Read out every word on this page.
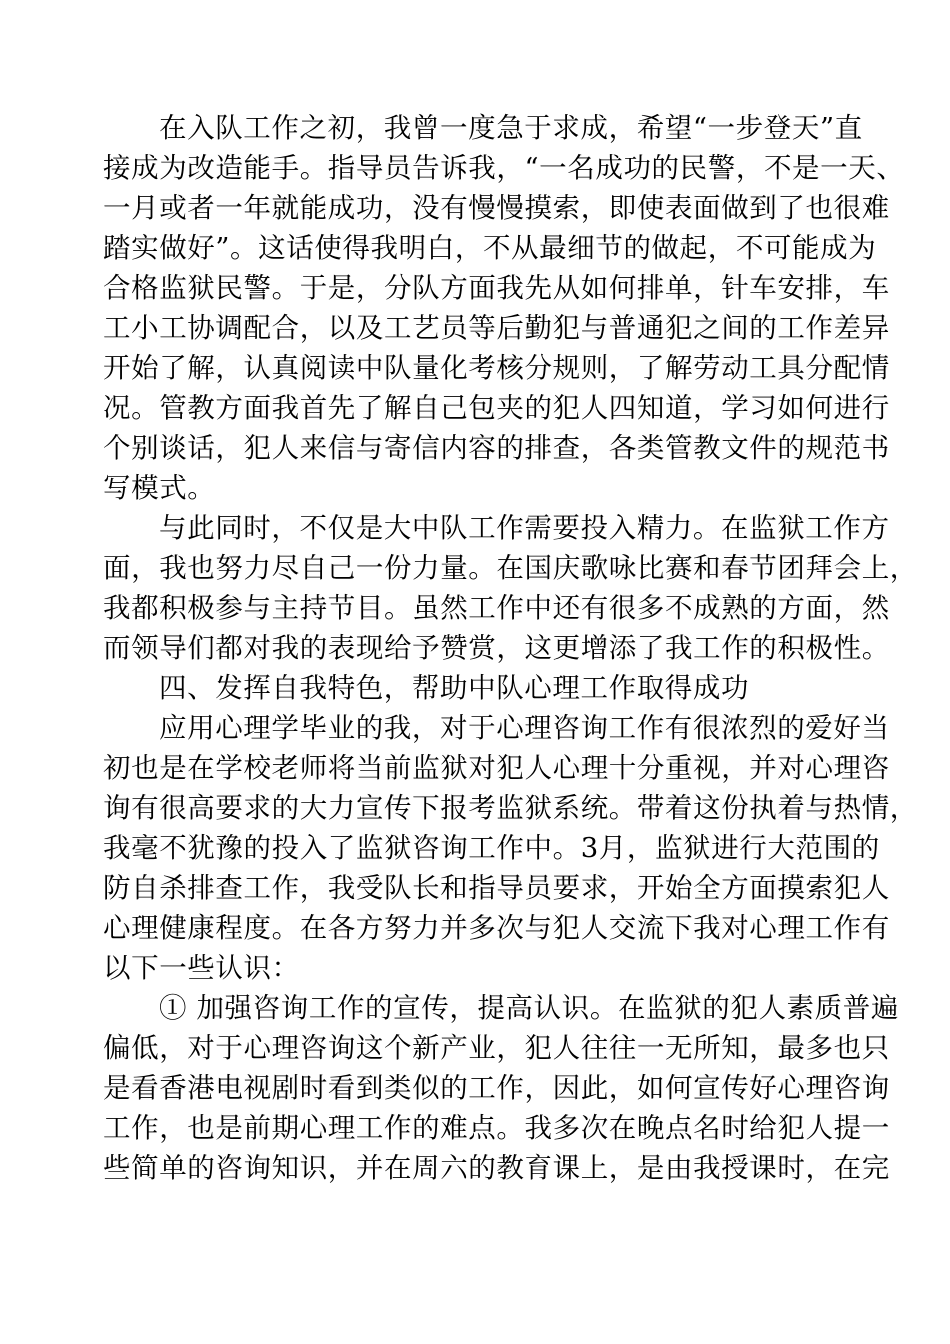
在入队工作之初，我曾一度急于求成，希望“一步登天”直
接成为改造能手。指导员告诉我，“一名成功的民警，不是一天、
一月或者一年就能成功，没有慢慢摸索，即使表面做到了也很难
踏实做好”。这话使得我明白，不从最细节的做起，不可能成为
合格监狱民警。于是，分队方面我先从如何排单，针车安排，车
工小工协调配合，以及工艺员等后勤犯与普通犯之间的工作差异
开始了解，认真阅读中队量化考核分规则，了解劳动工具分配情
况。管教方面我首先了解自己包夹的犯人四知道，学习如何进行
个别谈话，犯人来信与寄信内容的排查，各类管教文件的规范书
写模式。
与此同时，不仅是大中队工作需要投入精力。在监狱工作方
面，我也努力尽自己一份力量。在国庆歌咏比赛和春节团拜会上，
我都积极参与主持节目。虽然工作中还有很多不成熟的方面，然
而领导们都对我的表现给予赞赏，这更增添了我工作的积极性。
四、发挥自我特色，帮助中队心理工作取得成功
应用心理学毕业的我，对于心理咨询工作有很浓烈的爱好当
初也是在学校老师将当前监狱对犯人心理十分重视，并对心理咨
询有很高要求的大力宣传下报考监狱系统。带着这份执着与热情，
我毫不犹豫的投入了监狱咨询工作中。3月，监狱进行大范围的
防自杀排查工作，我受队长和指导员要求，开始全方面摸索犯人
心理健康程度。在各方努力并多次与犯人交流下我对心理工作有
以下一些认识：
① 加强咨询工作的宣传，提高认识。在监狱的犯人素质普遍
偏低，对于心理咨询这个新产业，犯人往往一无所知，最多也只
是看香港电视剧时看到类似的工作，因此，如何宣传好心理咨询
工作，也是前期心理工作的难点。我多次在晚点名时给犯人提一
些简单的咨询知识，并在周六的教育课上，是由我授课时，在完
